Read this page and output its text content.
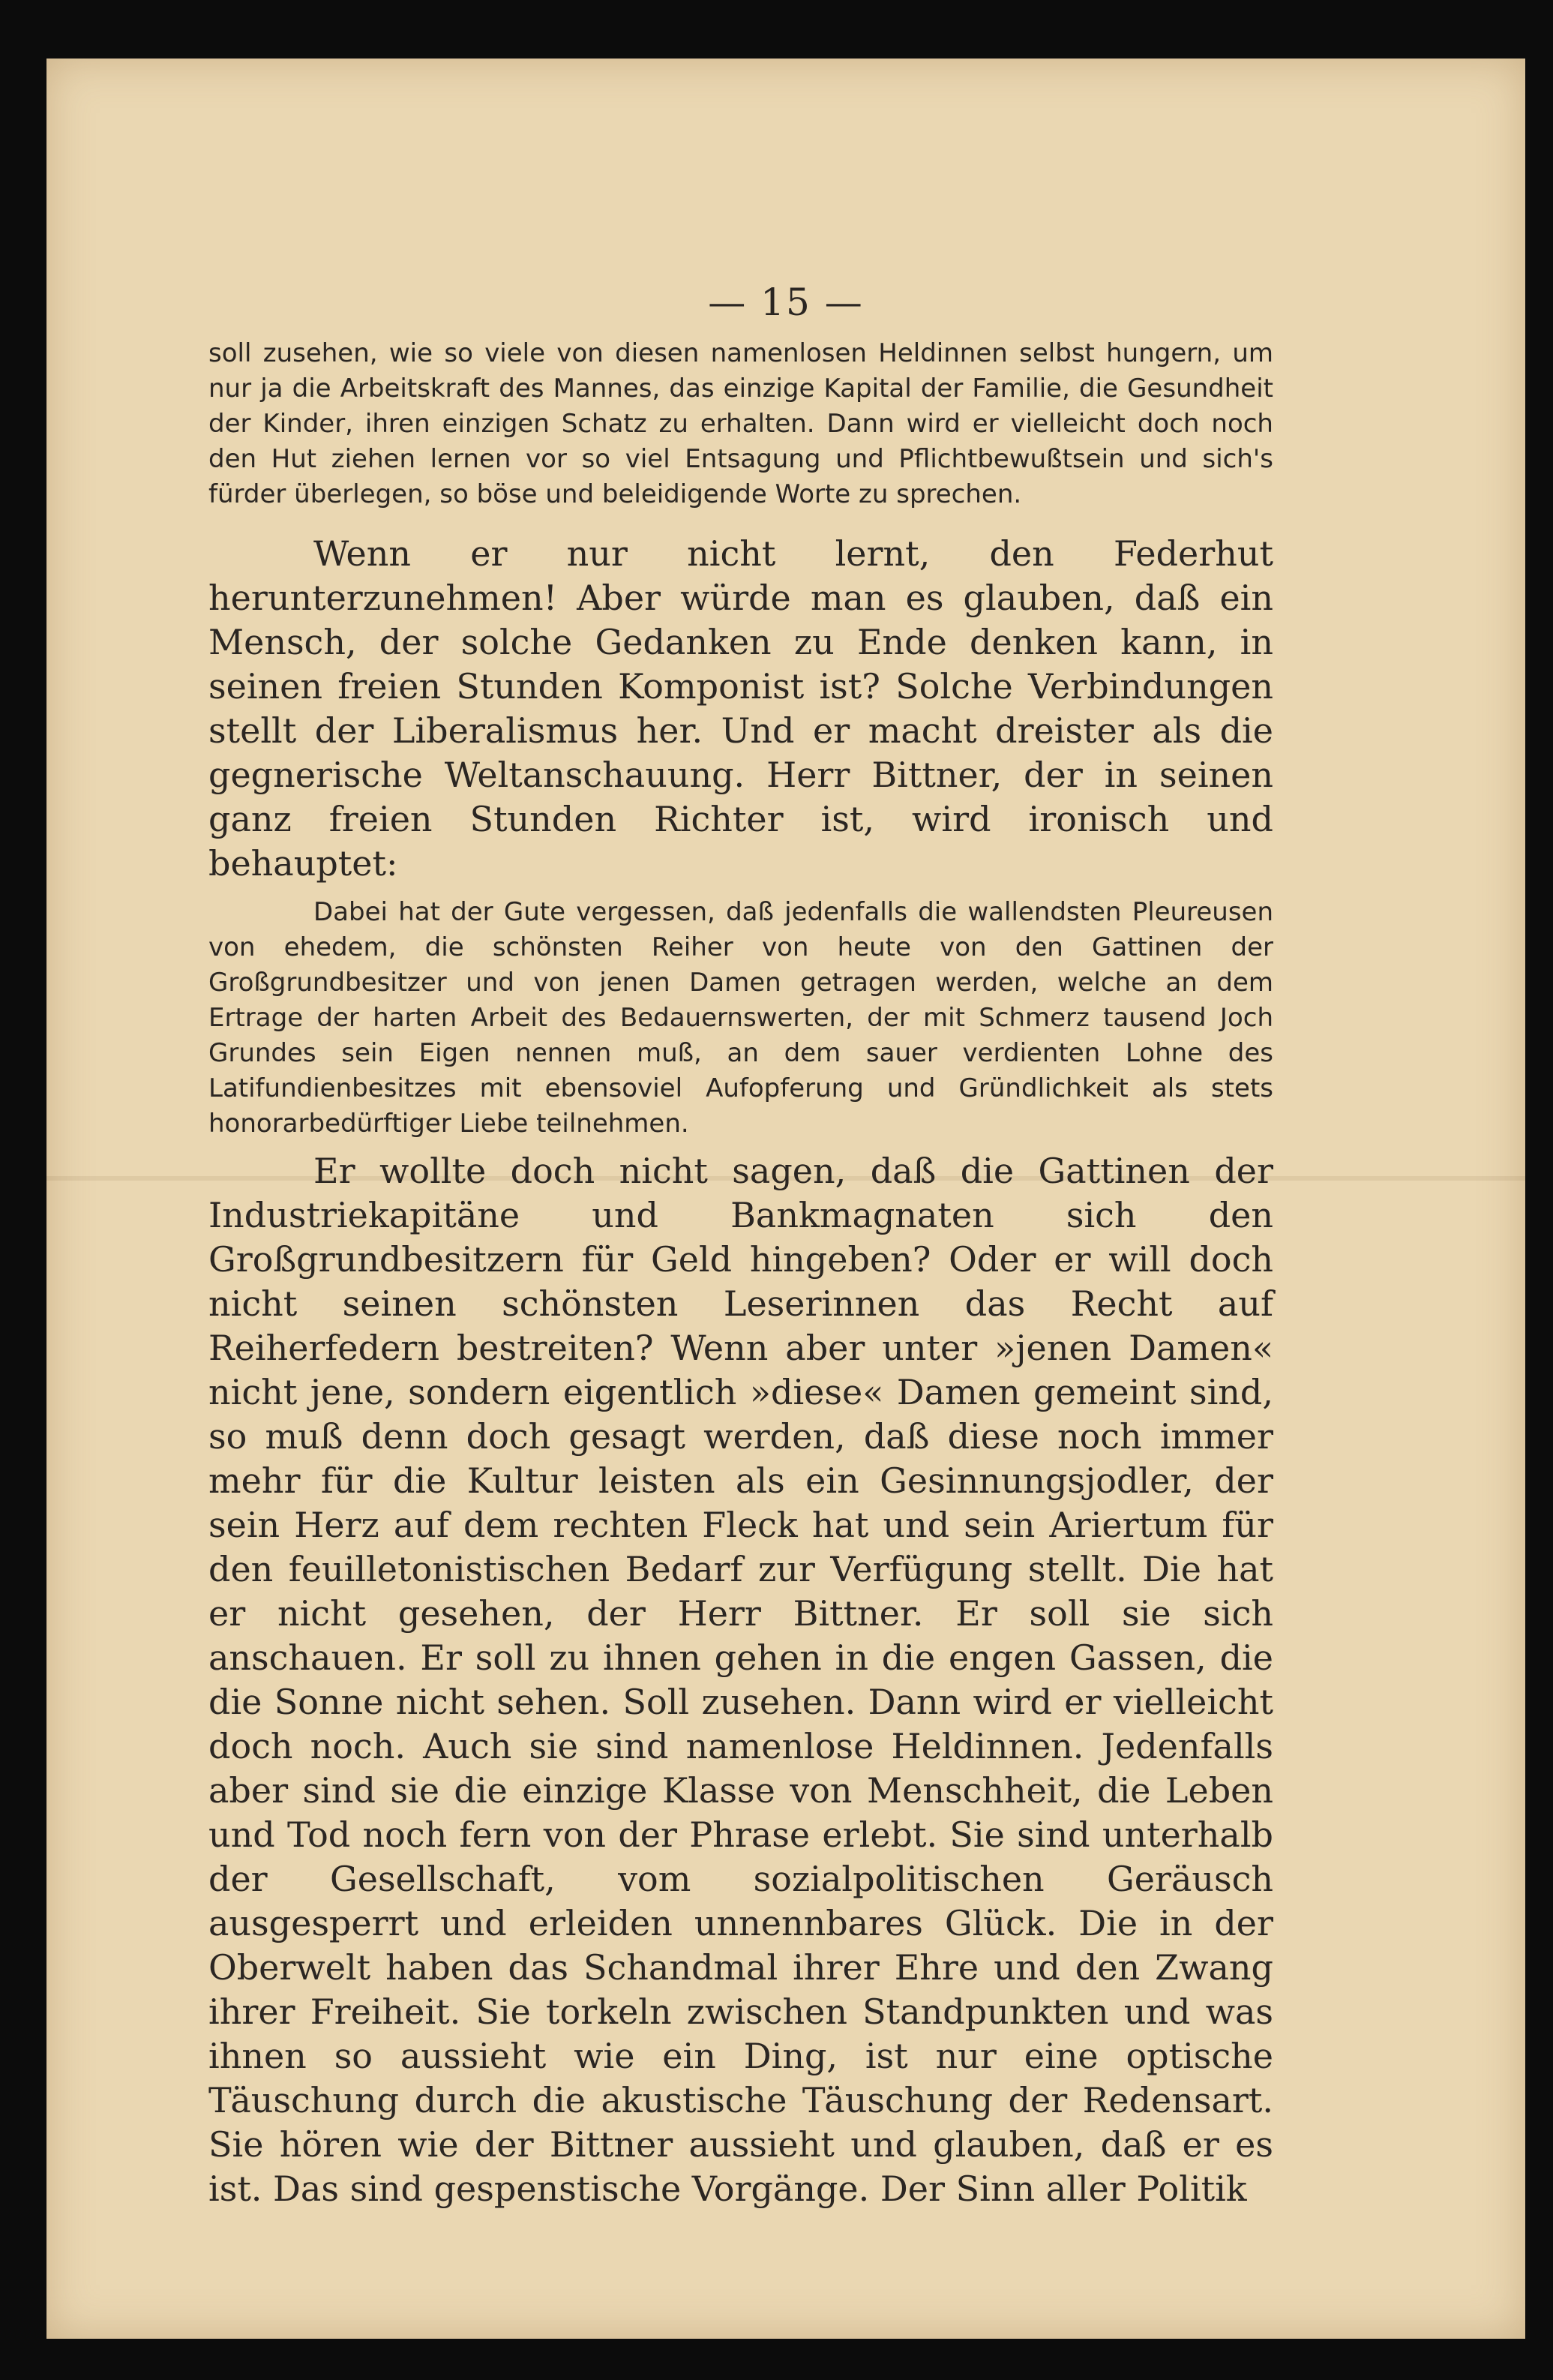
— 15 —

soll zusehen, wie so viele von diesen namenlosen Heldinnen selbst hungern, um nur ja die Arbeitskraft des Mannes, das einzige Kapital der Familie, die Gesundheit der Kinder, ihren einzigen Schatz zu erhalten. Dann wird er vielleicht doch noch den Hut ziehen lernen vor so viel Entsagung und Pflichtbewußtsein und sich's fürder überlegen, so böse und beleidigende Worte zu sprechen.

Wenn er nur nicht lernt, den Federhut herunterzunehmen! Aber würde man es glauben, daß ein Mensch, der solche Gedanken zu Ende denken kann, in seinen freien Stunden Komponist ist? Solche Verbindungen stellt der Liberalismus her. Und er macht dreister als die gegnerische Weltanschauung. Herr Bittner, der in seinen ganz freien Stunden Richter ist, wird ironisch und behauptet:

Dabei hat der Gute vergessen, daß jedenfalls die wallendsten Pleureusen von ehedem, die schönsten Reiher von heute von den Gattinen der Großgrundbesitzer und von jenen Damen getragen werden, welche an dem Ertrage der harten Arbeit des Bedauernswerten, der mit Schmerz tausend Joch Grundes sein Eigen nennen muß, an dem sauer verdienten Lohne des Latifundienbesitzes mit ebensoviel Aufopferung und Gründlichkeit als stets honorarbedürftiger Liebe teilnehmen.

Er wollte doch nicht sagen, daß die Gattinen der Industriekapitäne und Bankmagnaten sich den Großgrundbesitzern für Geld hingeben? Oder er will doch nicht seinen schönsten Leserinnen das Recht auf Reiherfedern bestreiten? Wenn aber unter »jenen Damen« nicht jene, sondern eigentlich »diese« Damen gemeint sind, so muß denn doch gesagt werden, daß diese noch immer mehr für die Kultur leisten als ein Gesinnungsjodler, der sein Herz auf dem rechten Fleck hat und sein Ariertum für den feuilletonistischen Bedarf zur Verfügung stellt. Die hat er nicht gesehen, der Herr Bittner. Er soll sie sich anschauen. Er soll zu ihnen gehen in die engen Gassen, die die Sonne nicht sehen. Soll zusehen. Dann wird er vielleicht doch noch. Auch sie sind namenlose Heldinnen. Jedenfalls aber sind sie die einzige Klasse von Menschheit, die Leben und Tod noch fern von der Phrase erlebt. Sie sind unterhalb der Gesellschaft, vom sozialpolitischen Geräusch ausgesperrt und erleiden unnennbares Glück. Die in der Oberwelt haben das Schandmal ihrer Ehre und den Zwang ihrer Freiheit. Sie torkeln zwischen Standpunkten und was ihnen so aussieht wie ein Ding, ist nur eine optische Täuschung durch die akustische Täuschung der Redensart. Sie hören wie der Bittner aussieht und glauben, daß er es ist. Das sind gespenstische Vorgänge. Der Sinn aller Politik
